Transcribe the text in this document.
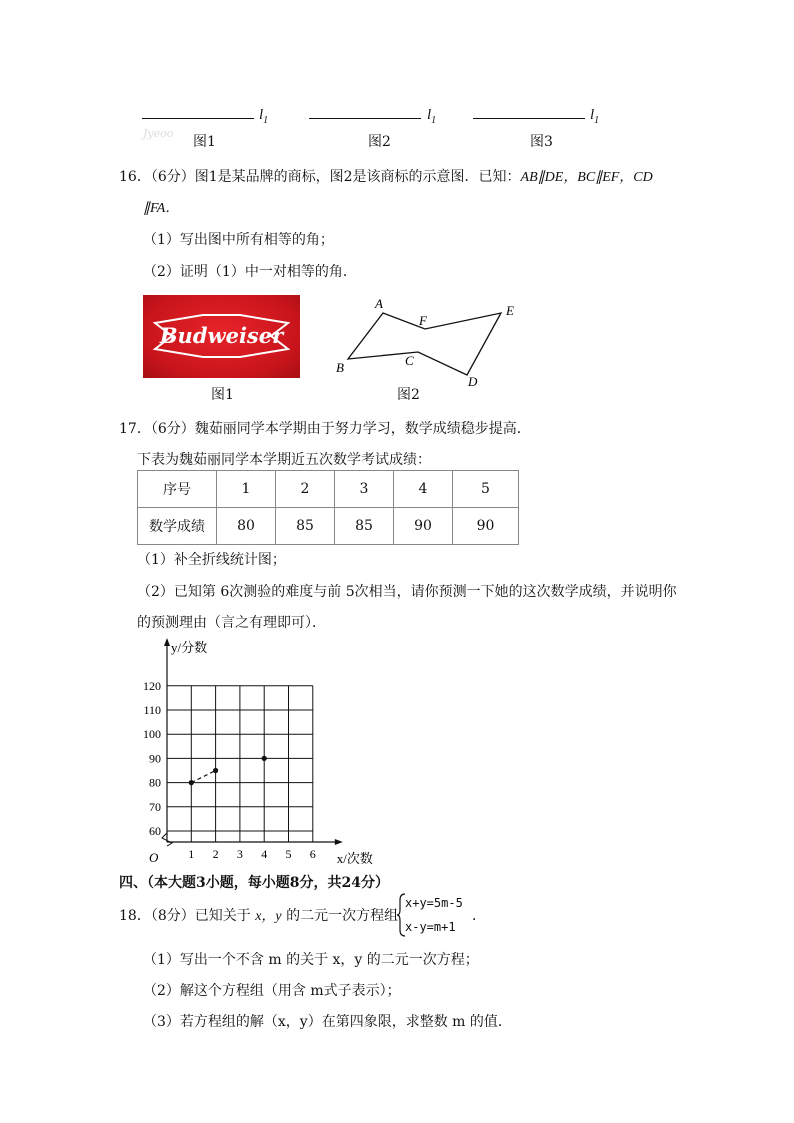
$l_1$
Jyeoo
图1
$l_1$
图2
$l_1$
图3
16．（6分）图1是某品牌的商标，图2是该商标的示意图．已知：AB∥DE，BC∥EF，CD
∥FA．
（1）写出图中所有相等的角；
（2）证明（1）中一对相等的角．
Budweiser
图1
A
F
E
B	C
D
图2
17．（6分）魏茹丽同学本学期由于努力学习，数学成绩稳步提高．
下表为魏茹丽同学本学期近五次数学考试成绩：
序号	1	2	3	4	5
数学成绩	80	85	85	90	90
（1）补全折线统计图；
（2）已知第 6次测验的难度与前 5次相当，请你预测一下她的这次数学成绩，并说明你
的预测理由（言之有理即可）．
1 2 3 4 5 6
60
70
80
90
100
110
120
O	x/次数
y/分数
四、（本大题3小题，每小题8分，共24分）
18．（8分）已知关于 x，y 的二元一次方程组
x+y=5m-5
x-y=m+1
．
（1）写出一个不含 m 的关于 x，y 的二元一次方程；
（2）解这个方程组（用含 m式子表示）；
（3）若方程组的解（x，y）在第四象限，求整数 m 的值．
